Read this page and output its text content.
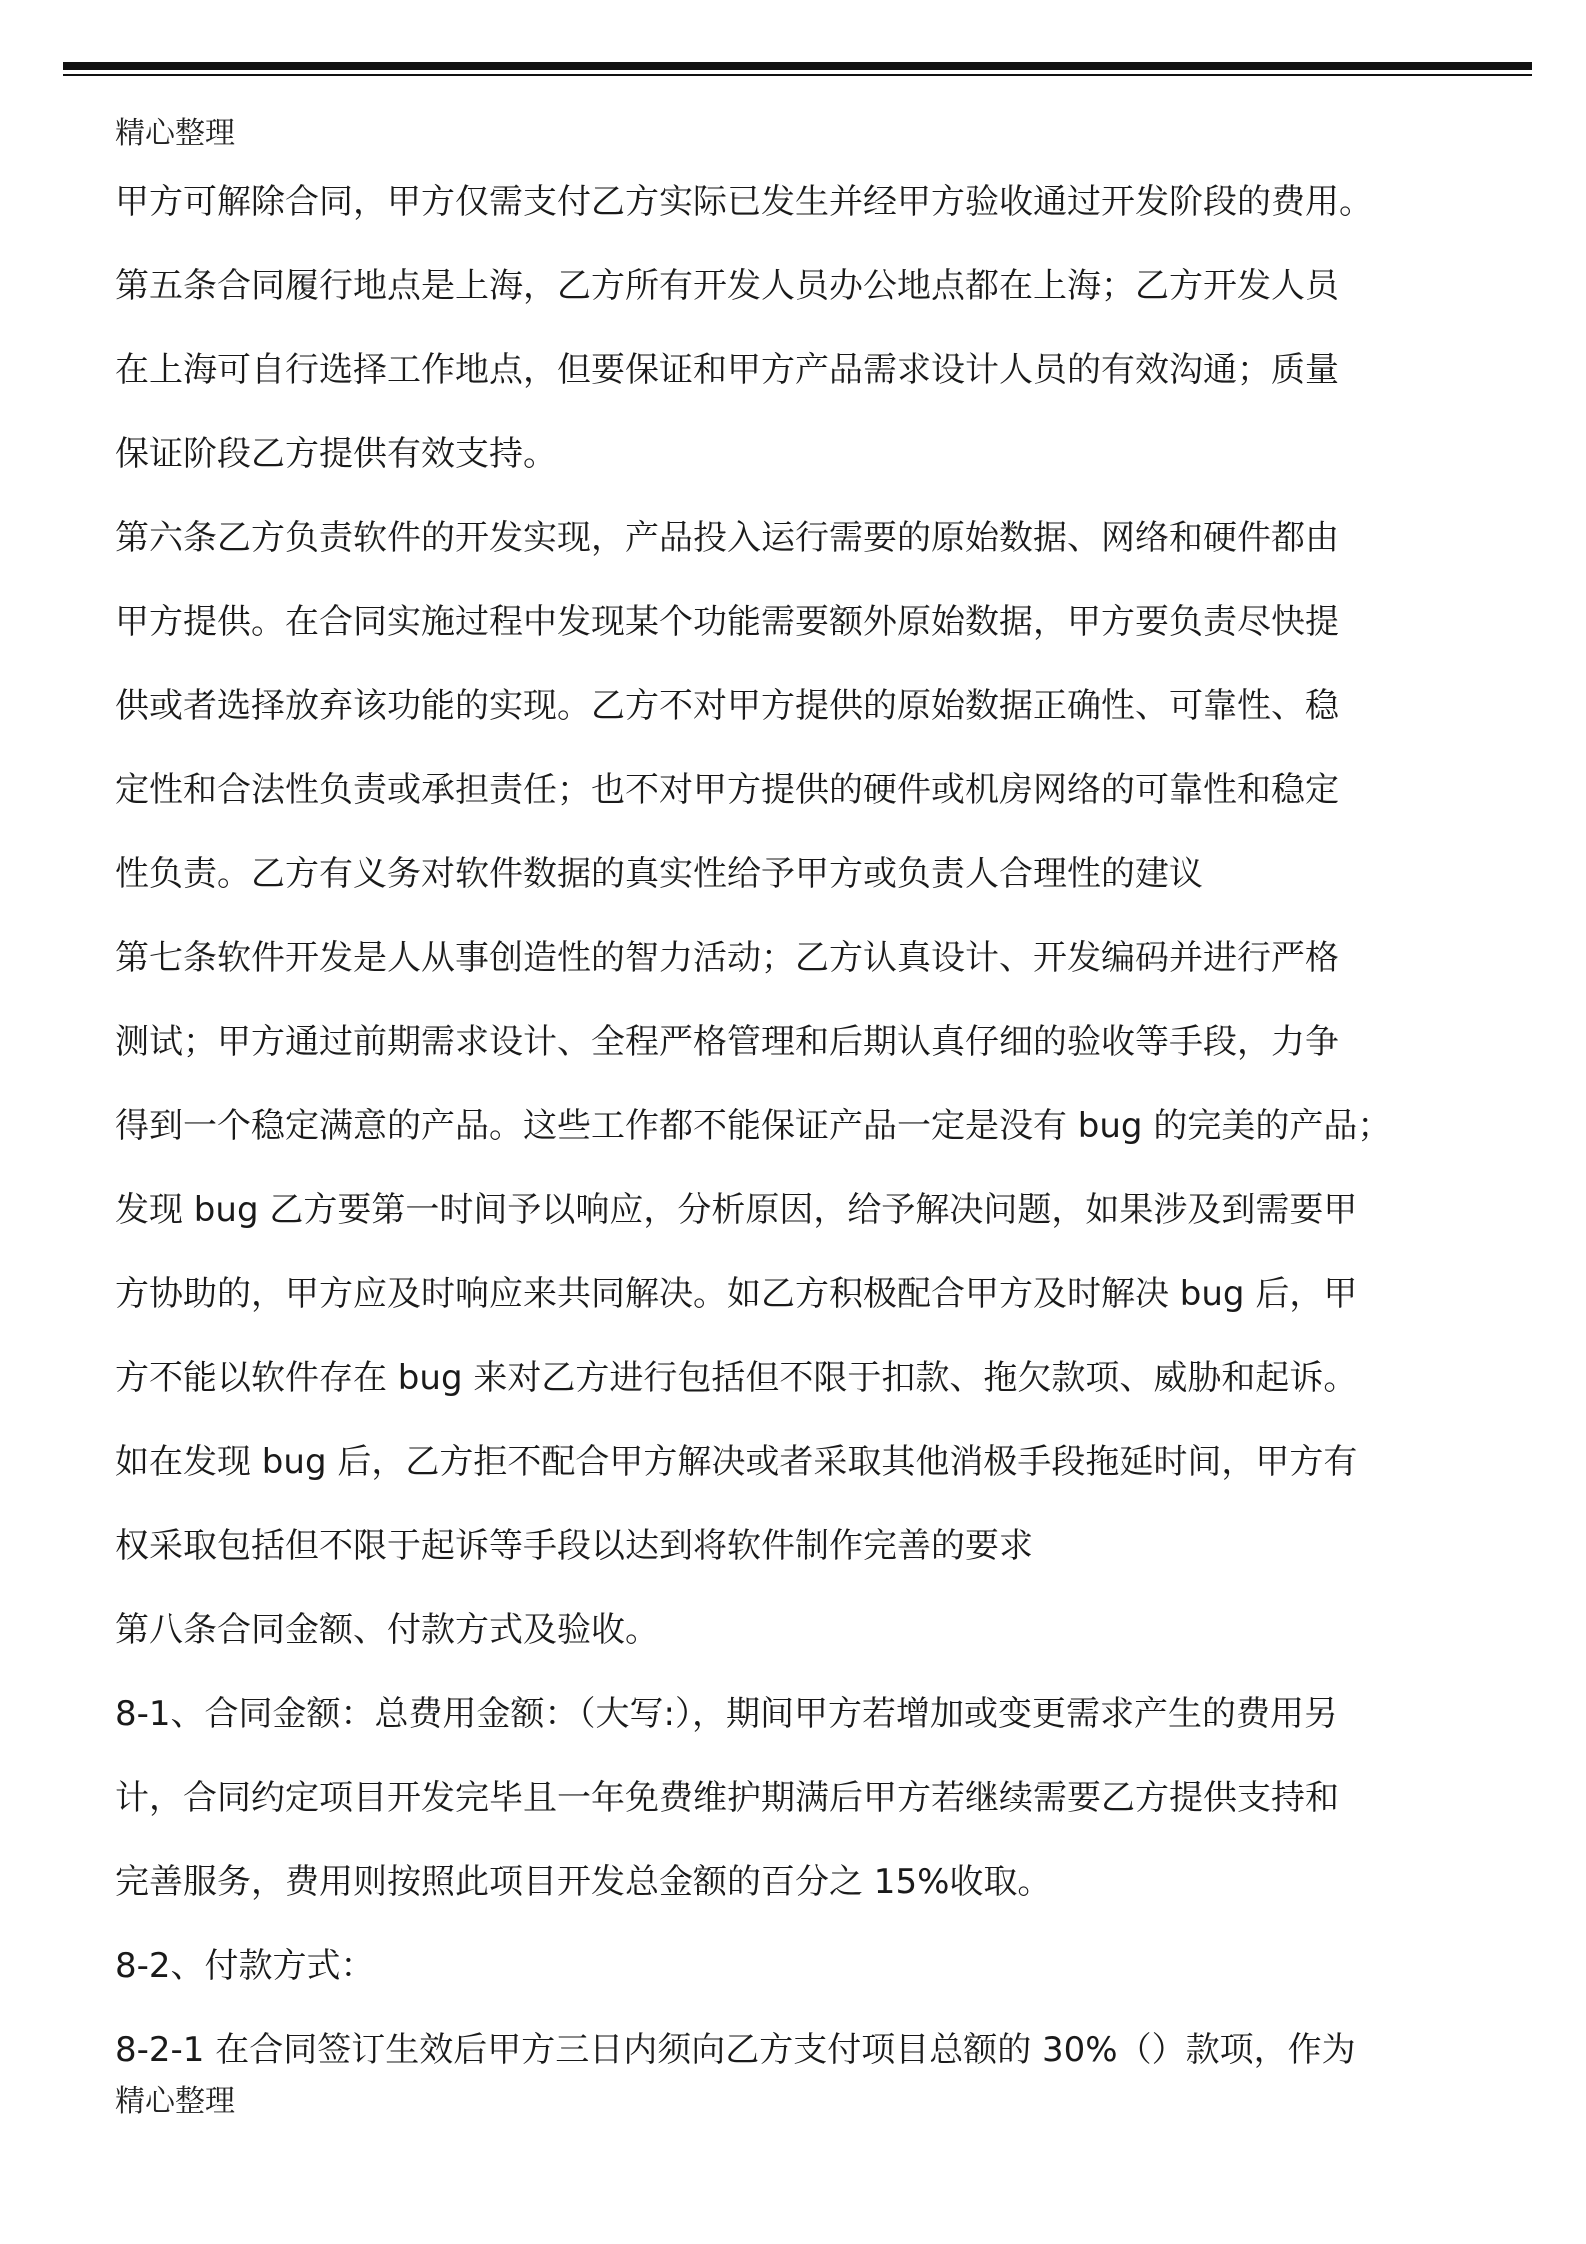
精心整理
甲方可解除合同，甲方仅需支付乙方实际已发生并经甲方验收通过开发阶段的费用。
第五条合同履行地点是上海，乙方所有开发人员办公地点都在上海；乙方开发人员
在上海可自行选择工作地点，但要保证和甲方产品需求设计人员的有效沟通；质量
保证阶段乙方提供有效支持。
第六条乙方负责软件的开发实现，产品投入运行需要的原始数据、网络和硬件都由
甲方提供。在合同实施过程中发现某个功能需要额外原始数据，甲方要负责尽快提
供或者选择放弃该功能的实现。乙方不对甲方提供的原始数据正确性、可靠性、稳
定性和合法性负责或承担责任；也不对甲方提供的硬件或机房网络的可靠性和稳定
性负责。乙方有义务对软件数据的真实性给予甲方或负责人合理性的建议
第七条软件开发是人从事创造性的智力活动；乙方认真设计、开发编码并进行严格
测试；甲方通过前期需求设计、全程严格管理和后期认真仔细的验收等手段，力争
得到一个稳定满意的产品。这些工作都不能保证产品一定是没有 bug 的完美的产品；
发现 bug 乙方要第一时间予以响应，分析原因，给予解决问题，如果涉及到需要甲
方协助的，甲方应及时响应来共同解决。如乙方积极配合甲方及时解决 bug 后，甲
方不能以软件存在 bug 来对乙方进行包括但不限于扣款、拖欠款项、威胁和起诉。
如在发现 bug 后，乙方拒不配合甲方解决或者采取其他消极手段拖延时间，甲方有
权采取包括但不限于起诉等手段以达到将软件制作完善的要求
第八条合同金额、付款方式及验收。
8-1、合同金额：总费用金额：（大写:），期间甲方若增加或变更需求产生的费用另
计，合同约定项目开发完毕且一年免费维护期满后甲方若继续需要乙方提供支持和
完善服务，费用则按照此项目开发总金额的百分之 15%收取。
8-2、付款方式：
8-2-1 在合同签订生效后甲方三日内须向乙方支付项目总额的 30%（）款项，作为
精心整理
